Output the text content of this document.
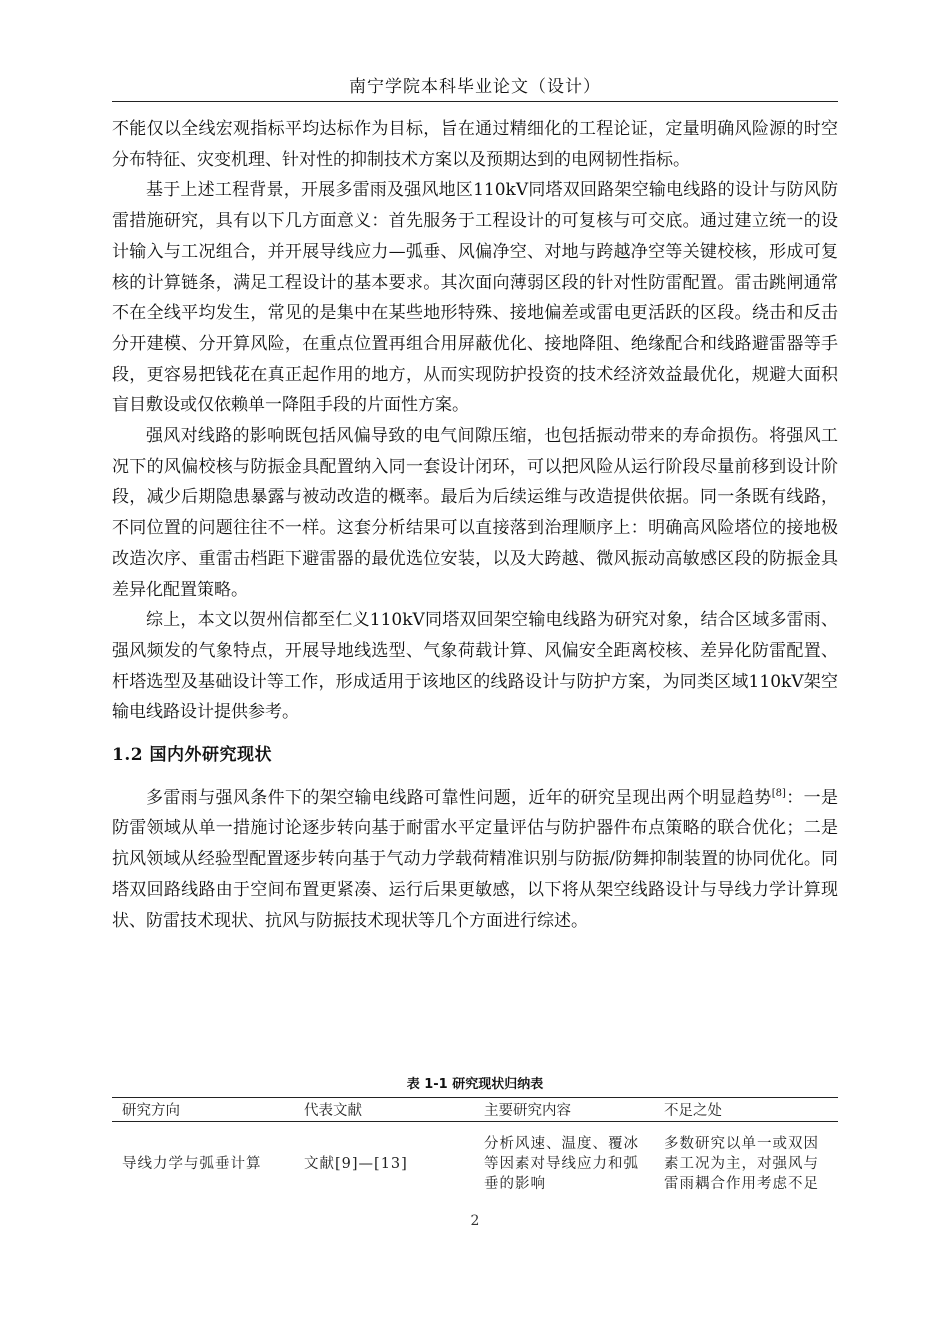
南宁学院本科毕业论文（设计）

不能仅以全线宏观指标平均达标作为目标，旨在通过精细化的工程论证，定量明确风险源的时空分布特征、灾变机理、针对性的抑制技术方案以及预期达到的电网韧性指标。

基于上述工程背景，开展多雷雨及强风地区110kV同塔双回路架空输电线路的设计与防风防雷措施研究，具有以下几方面意义：首先服务于工程设计的可复核与可交底。通过建立统一的设计输入与工况组合，并开展导线应力—弧垂、风偏净空、对地与跨越净空等关键校核，形成可复核的计算链条，满足工程设计的基本要求。其次面向薄弱区段的针对性防雷配置。雷击跳闸通常不在全线平均发生，常见的是集中在某些地形特殊、接地偏差或雷电更活跃的区段。绕击和反击分开建模、分开算风险，在重点位置再组合用屏蔽优化、接地降阻、绝缘配合和线路避雷器等手段，更容易把钱花在真正起作用的地方，从而实现防护投资的技术经济效益最优化，规避大面积盲目敷设或仅依赖单一降阻手段的片面性方案。

强风对线路的影响既包括风偏导致的电气间隙压缩，也包括振动带来的寿命损伤。将强风工况下的风偏校核与防振金具配置纳入同一套设计闭环，可以把风险从运行阶段尽量前移到设计阶段，减少后期隐患暴露与被动改造的概率。最后为后续运维与改造提供依据。同一条既有线路，不同位置的问题往往不一样。这套分析结果可以直接落到治理顺序上：明确高风险塔位的接地极改造次序、重雷击档距下避雷器的最优选位安装，以及大跨越、微风振动高敏感区段的防振金具差异化配置策略。

综上，本文以贺州信都至仁义110kV同塔双回架空输电线路为研究对象，结合区域多雷雨、强风频发的气象特点，开展导地线选型、气象荷载计算、风偏安全距离校核、差异化防雷配置、杆塔选型及基础设计等工作，形成适用于该地区的线路设计与防护方案，为同类区域110kV架空输电线路设计提供参考。

1.2 国内外研究现状

多雷雨与强风条件下的架空输电线路可靠性问题，近年的研究呈现出两个明显趋势[8]：一是防雷领域从单一措施讨论逐步转向基于耐雷水平定量评估与防护器件布点策略的联合优化；二是抗风领域从经验型配置逐步转向基于气动力学载荷精准识别与防振/防舞抑制装置的协同优化。同塔双回路线路由于空间布置更紧凑、运行后果更敏感，以下将从架空线路设计与导线力学计算现状、防雷技术现状、抗风与防振技术现状等几个方面进行综述。

表 1-1 研究现状归纳表
研究方向	代表文献	主要研究内容	不足之处
导线力学与弧垂计算	文献[9]—[13]	分析风速、温度、覆冰等因素对导线应力和弧垂的影响	多数研究以单一或双因素工况为主，对强风与雷雨耦合作用考虑不足
2
